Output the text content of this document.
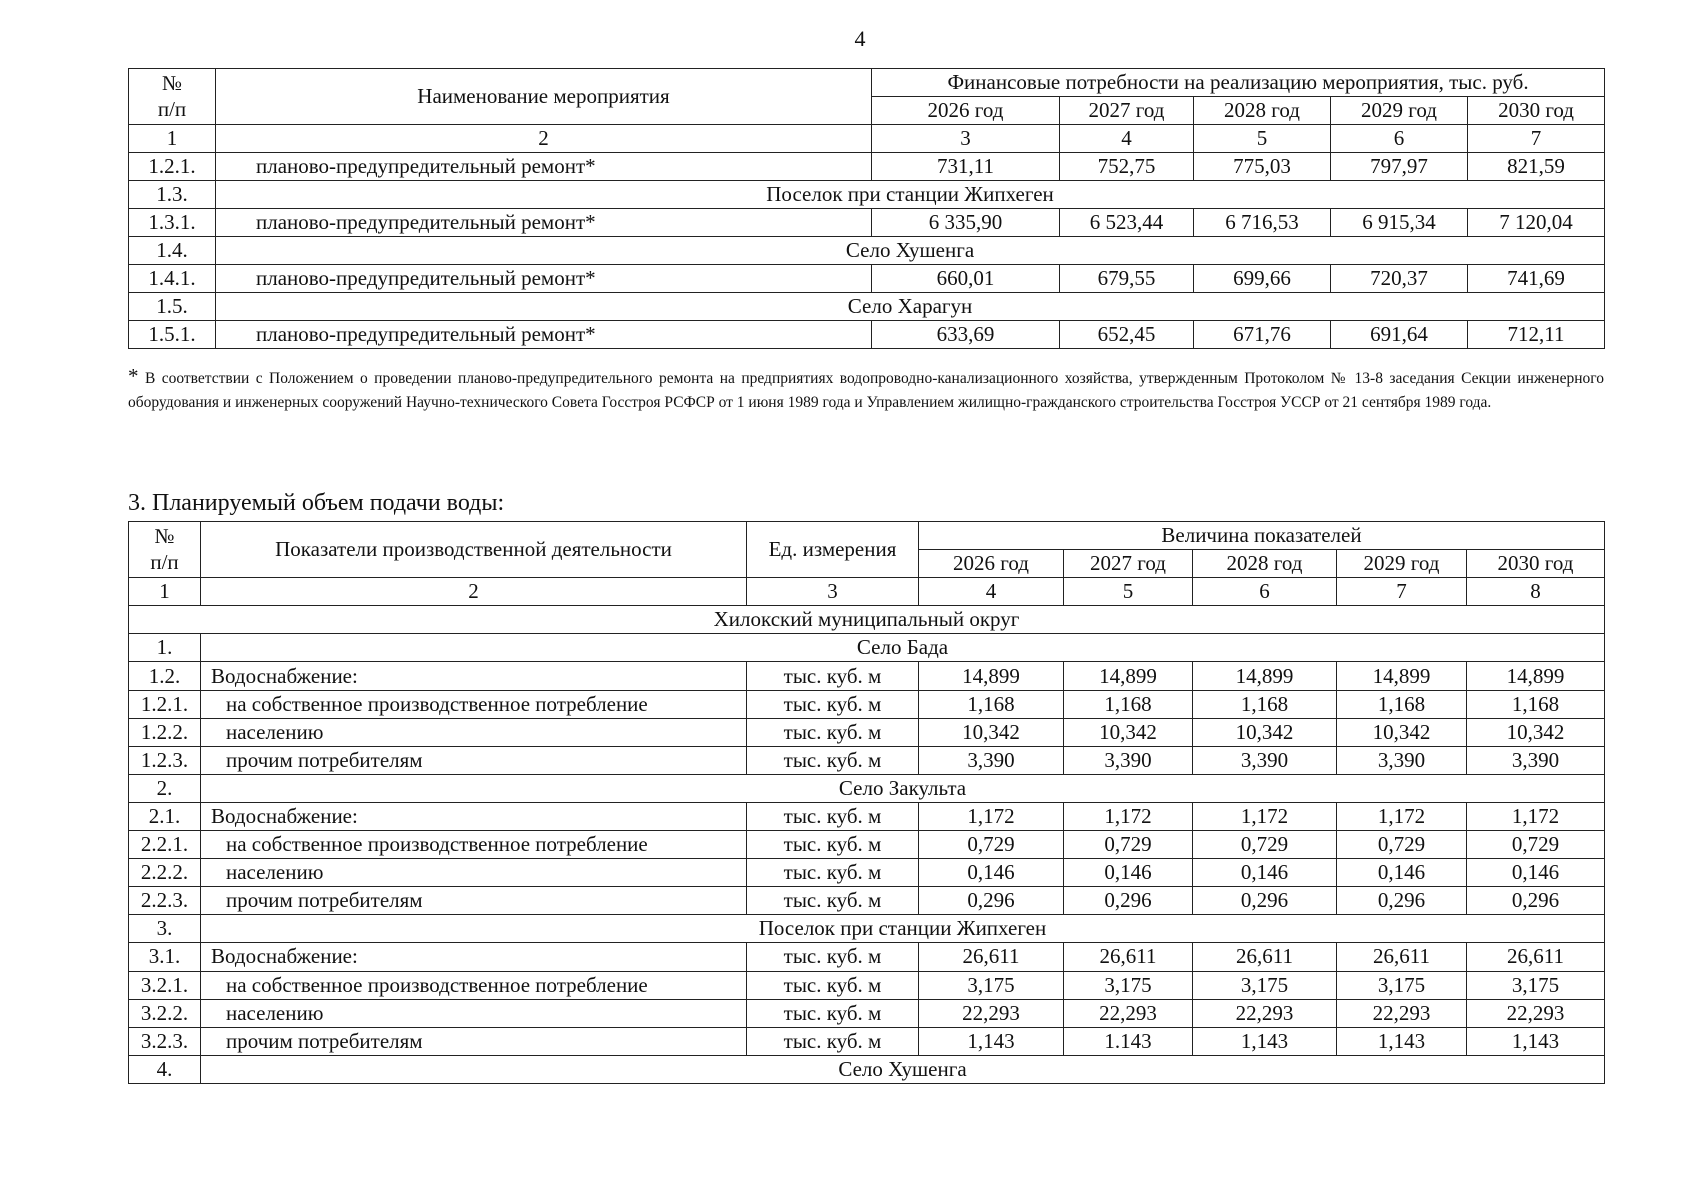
4
№
п/п	Наименование мероприятия	Финансовые потребности на реализацию мероприятия, тыс. руб.				
		2026 год	2027 год	2028 год	2029 год	2030 год
1	2	3	4	5	6	7
1.2.1.	планово-предупредительный ремонт*	731,11	752,75	775,03	797,97	821,59
1.3.	Поселок при станции Жипхеген					
1.3.1.	планово-предупредительный ремонт*	6 335,90	6 523,44	6 716,53	6 915,34	7 120,04
1.4.	Село Хушенга					
1.4.1.	планово-предупредительный ремонт*	660,01	679,55	699,66	720,37	741,69
1.5.	Село Харагун					
1.5.1.	планово-предупредительный ремонт*	633,69	652,45	671,76	691,64	712,11
* В соответствии с Положением о проведении планово-предупредительного ремонта на предприятиях водопроводно-канализационного хозяйства, утвержденным Протоколом № 13-8 заседания Секции инженерного оборудования и инженерных сооружений Научно-технического Совета Госстроя РСФСР от 1 июня 1989 года и Управлением жилищно-гражданского строительства Госстроя УССР от 21 сентября 1989 года.
3. Планируемый объем подачи воды:
№
п/п	Показатели производственной деятельности	Ед. измерения	Величина показателей				
			2026 год	2027 год	2028 год	2029 год	2030 год
1	2	3	4	5	6	7	8
Хилокский муниципальный округ							
1.	Село Бада						
1.2.	Водоснабжение:	тыс. куб. м	14,899	14,899	14,899	14,899	14,899
1.2.1.	на собственное производственное потребление	тыс. куб. м	1,168	1,168	1,168	1,168	1,168
1.2.2.	населению	тыс. куб. м	10,342	10,342	10,342	10,342	10,342
1.2.3.	прочим потребителям	тыс. куб. м	3,390	3,390	3,390	3,390	3,390
2.	Село Закульта						
2.1.	Водоснабжение:	тыс. куб. м	1,172	1,172	1,172	1,172	1,172
2.2.1.	на собственное производственное потребление	тыс. куб. м	0,729	0,729	0,729	0,729	0,729
2.2.2.	населению	тыс. куб. м	0,146	0,146	0,146	0,146	0,146
2.2.3.	прочим потребителям	тыс. куб. м	0,296	0,296	0,296	0,296	0,296
3.	Поселок при станции Жипхеген						
3.1.	Водоснабжение:	тыс. куб. м	26,611	26,611	26,611	26,611	26,611
3.2.1.	на собственное производственное потребление	тыс. куб. м	3,175	3,175	3,175	3,175	3,175
3.2.2.	населению	тыс. куб. м	22,293	22,293	22,293	22,293	22,293
3.2.3.	прочим потребителям	тыс. куб. м	1,143	1.143	1,143	1,143	1,143
4.	Село Хушенга						
